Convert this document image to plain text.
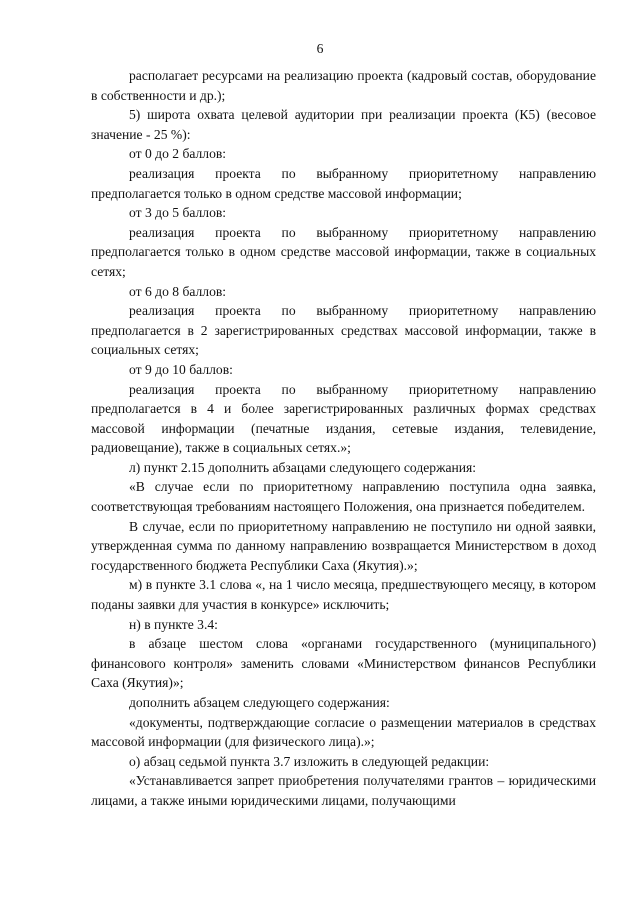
6

располагает ресурсами на реализацию проекта (кадровый состав, оборудование в собственности и др.);

5) широта охвата целевой аудитории при реализации проекта (К5) (весовое значение - 25 %):

от 0 до 2 баллов:

реализация проекта по выбранному приоритетному направлению предполагается только в одном средстве массовой информации;

от 3 до 5 баллов:

реализация проекта по выбранному приоритетному направлению предполагается только в одном средстве массовой информации, также в социальных сетях;

от 6 до 8 баллов:

реализация проекта по выбранному приоритетному направлению предполагается в 2 зарегистрированных средствах массовой информации, также в социальных сетях;

от 9 до 10 баллов:

реализация проекта по выбранному приоритетному направлению предполагается в 4 и более зарегистрированных различных формах средствах массовой информации (печатные издания, сетевые издания, телевидение, радиовещание), также в социальных сетях.»;

л) пункт 2.15 дополнить абзацами следующего содержания:

«В случае если по приоритетному направлению поступила одна заявка, соответствующая требованиям настоящего Положения, она признается победителем.

В случае, если по приоритетному направлению не поступило ни одной заявки, утвержденная сумма по данному направлению возвращается Министерством в доход государственного бюджета Республики Саха (Якутия).»;

м) в пункте 3.1 слова «, на 1 число месяца, предшествующего месяцу, в котором поданы заявки для участия в конкурсе» исключить;

н) в пункте 3.4:

в абзаце шестом слова «органами государственного (муниципального) финансового контроля» заменить словами «Министерством финансов Республики Саха (Якутия)»;

дополнить абзацем следующего содержания:

«документы, подтверждающие согласие о размещении материалов в средствах массовой информации (для физического лица).»;

о) абзац седьмой пункта 3.7 изложить в следующей редакции:

«Устанавливается запрет приобретения получателями грантов – юридическими лицами, а также иными юридическими лицами, получающими
